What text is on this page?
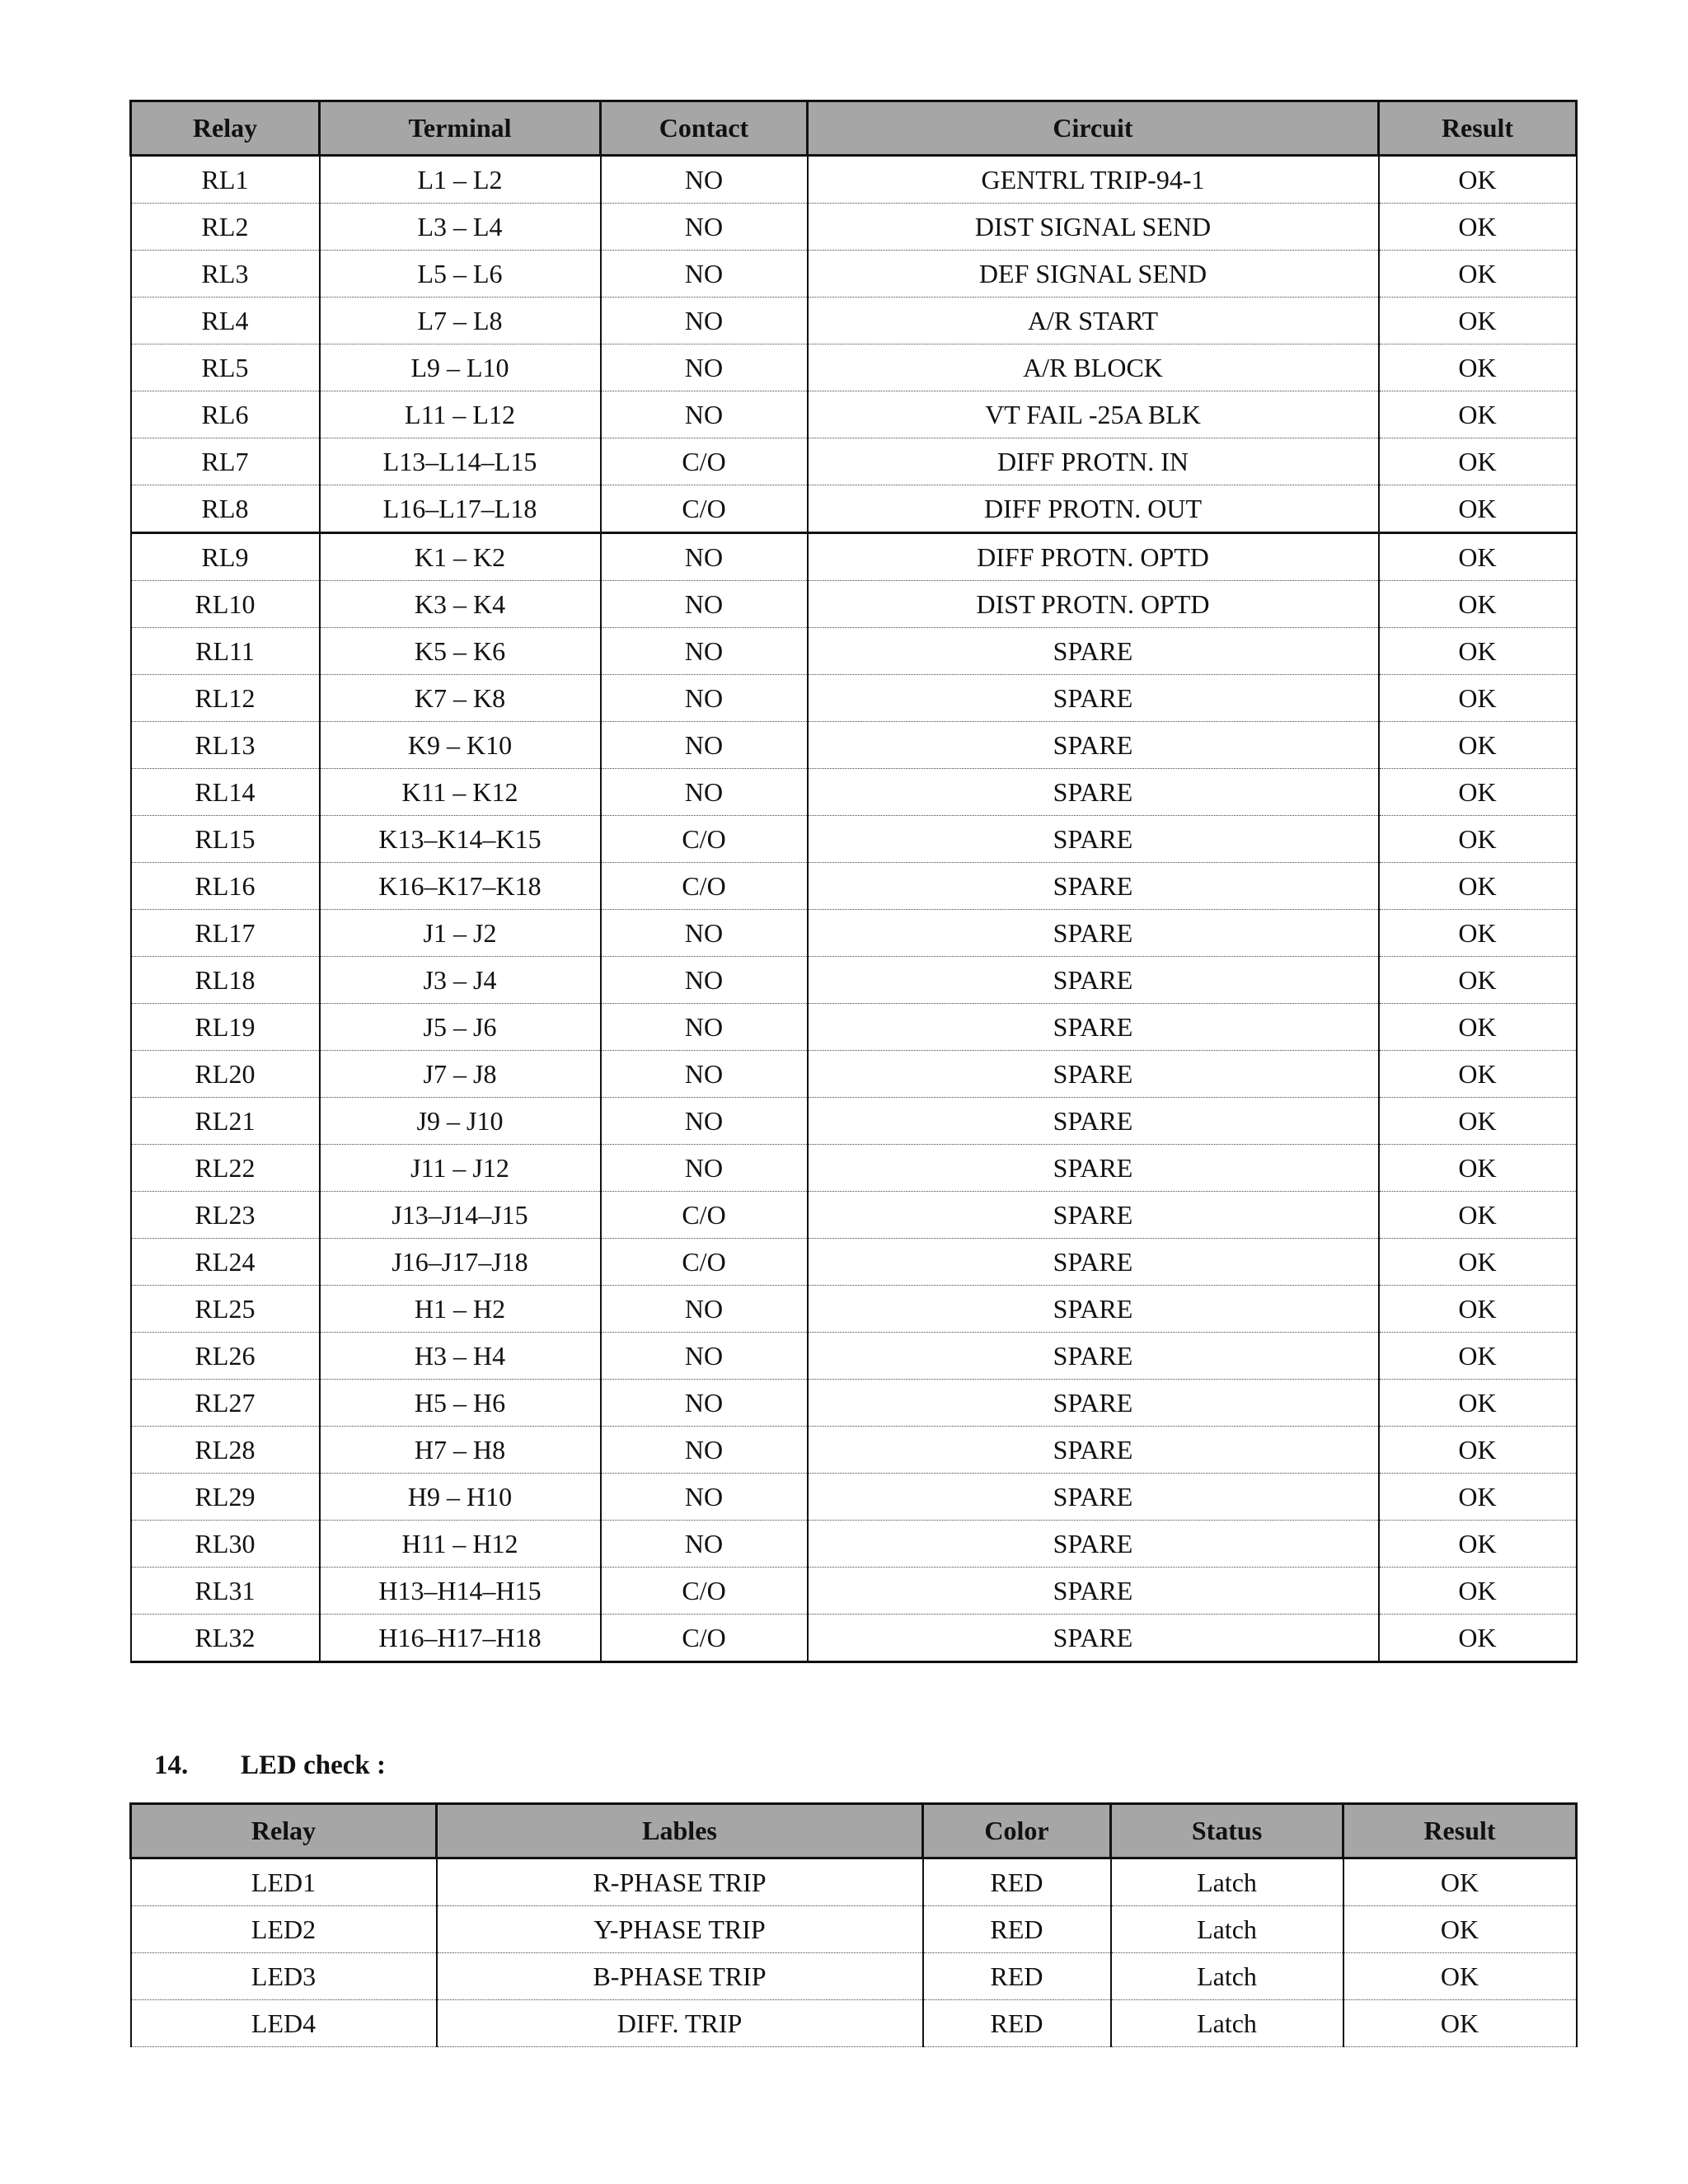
Relay	Terminal	Contact	Circuit	Result
RL1	L1 – L2	NO	GENTRL TRIP-94-1	OK
RL2	L3 – L4	NO	DIST SIGNAL SEND	OK
RL3	L5 – L6	NO	DEF SIGNAL SEND	OK
RL4	L7 – L8	NO	A/R START	OK
RL5	L9 – L10	NO	A/R BLOCK	OK
RL6	L11 – L12	NO	VT FAIL -25A BLK	OK
RL7	L13–L14–L15	C/O	DIFF PROTN. IN	OK
RL8	L16–L17–L18	C/O	DIFF PROTN. OUT	OK
RL9	K1 – K2	NO	DIFF PROTN. OPTD	OK
RL10	K3 – K4	NO	DIST PROTN. OPTD	OK
RL11	K5 – K6	NO	SPARE	OK
RL12	K7 – K8	NO	SPARE	OK
RL13	K9 – K10	NO	SPARE	OK
RL14	K11 – K12	NO	SPARE	OK
RL15	K13–K14–K15	C/O	SPARE	OK
RL16	K16–K17–K18	C/O	SPARE	OK
RL17	J1 – J2	NO	SPARE	OK
RL18	J3 – J4	NO	SPARE	OK
RL19	J5 – J6	NO	SPARE	OK
RL20	J7 – J8	NO	SPARE	OK
RL21	J9 – J10	NO	SPARE	OK
RL22	J11 – J12	NO	SPARE	OK
RL23	J13–J14–J15	C/O	SPARE	OK
RL24	J16–J17–J18	C/O	SPARE	OK
RL25	H1 – H2	NO	SPARE	OK
RL26	H3 – H4	NO	SPARE	OK
RL27	H5 – H6	NO	SPARE	OK
RL28	H7 – H8	NO	SPARE	OK
RL29	H9 – H10	NO	SPARE	OK
RL30	H11 – H12	NO	SPARE	OK
RL31	H13–H14–H15	C/O	SPARE	OK
RL32	H16–H17–H18	C/O	SPARE	OK
14. LED check :
Relay	Lables	Color	Status	Result
LED1	R-PHASE TRIP	RED	Latch	OK
LED2	Y-PHASE TRIP	RED	Latch	OK
LED3	B-PHASE TRIP	RED	Latch	OK
LED4	DIFF. TRIP	RED	Latch	OK
